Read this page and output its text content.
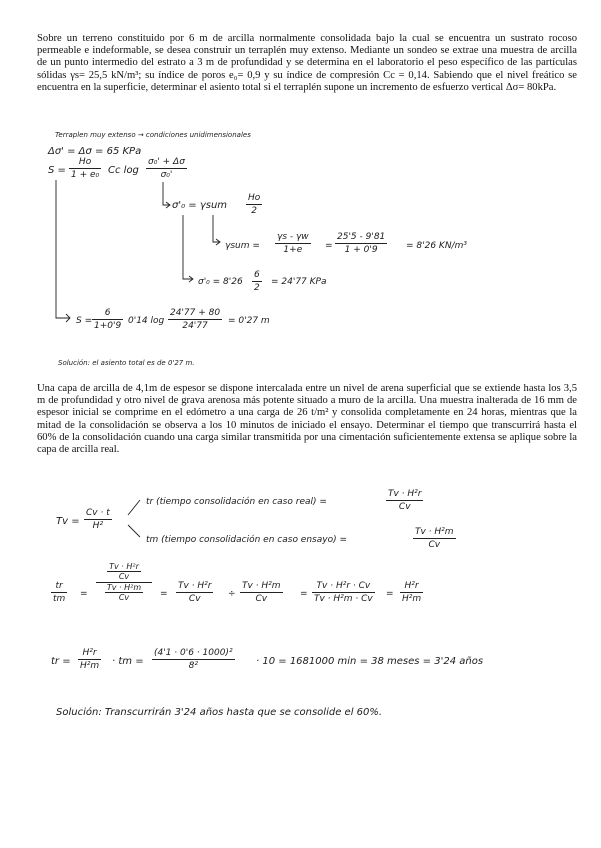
Sobre un terreno constituido por 6 m de arcilla normalmente consolidada bajo la cual se encuentra un sustrato rocoso permeable e indeformable, se desea construir un terraplén muy extenso. Mediante un sondeo se extrae una muestra de arcilla de un punto intermedio del estrato a 3 m de profundidad y se determina en el laboratorio el peso específico de las partículas sólidas γs= 25,5 kN/m³; su índice de poros e₀= 0,9 y su índice de compresión Cc = 0,14. Sabiendo que el nivel freático se encuentra en la superficie, determinar el asiento total si el terraplén supone un incremento de esfuerzo vertical Δσ= 80kPa.

Terraplen muy extenso → condiciones unidimensionales
Δσ' = Δσ = 65 KPa
$S = \frac{Ho}{\text{1 + e₀}}$ Cc $\log \frac{\text{σ₀' + Δσ}}{\text{σ₀'}}$
σ'₀ = γsum $\frac{Ho}{2}$
$\gamma sum = \frac{\gamma s - \gamma w}{1+e} = \frac{25'5 - 9'81}{1 + 0'9} = 8'26$ KN/m³
$\sigma'_0 = 8'26 \frac{6}{2} = 24'77$ KPa
$S = \frac{6}{1+0'9} 0'14$ $\log \frac{24'77 + 80}{24'77} = 0'27$ m
Solución: el asiento total es de 0'27 m.

Una capa de arcilla de 4,1m de espesor se dispone intercalada entre un nivel de arena superficial que se extiende hasta los 3,5 m de profundidad y otro nivel de grava arenosa más potente situado a muro de la arcilla. Una muestra inalterada de 16 mm de espesor inicial se comprime en el edómetro a una carga de 26 t/m² y consolida completamente en 24 horas, mientras que la mitad de la consolidación se observa a los 10 minutos de iniciado el ensayo. Determinar el tiempo que transcurrirá hasta el 60% de la consolidación cuando una carga similar transmitida por una cimentación suficientemente extensa se aplique sobre la capa de arcilla real.

$Tv = \frac{Cv \cdot t}{\text{H²}}$
tr (tiempo consolidación en caso real) =	$\frac{\text{Tv · H²r}}{Cv}$
tm (tiempo consolidación en caso ensayo) =	$\frac{\text{Tv · H²m}}{Cv}$
$\frac{tr}{tm} = Tv \cdot H^2r$
Cv
Tv · H²m
$Cv = \frac{\text{Tv · H²r}}{Cv} \div \frac{\text{Tv · H²m}}{Cv} = \frac{\text{Tv · H²r · Cv}}{\text{Tv · H²m · Cv}} = \frac{\text{H²r}}{\text{H²m}}$
tr = $\frac{\text{H²r}}{\text{H²m}}$ · tm = $\frac{\text{(4'1 · 0'6 · 1000)²}}{\text{8²}} \cdot 10 = 1681000$ min = 38 meses = 3'24 años
Solución: Transcurrirán 3'24 años hasta que se consolide el 60%.
